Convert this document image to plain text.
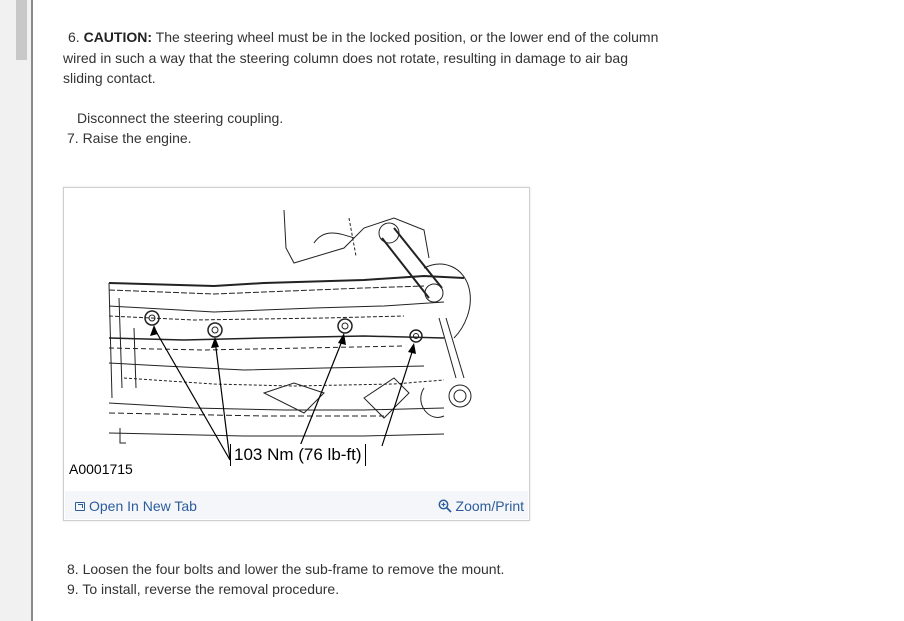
6. CAUTION: The steering wheel must be in the locked position, or the lower end of the column
wired in such a way that the steering column does not rotate, resulting in damage to air bag
sliding contact.
Disconnect the steering coupling.
7. Raise the engine.
8. Loosen the four bolts and lower the sub-frame to remove the mount.
9. To install, reverse the removal procedure.
A0001715
103 Nm (76 lb-ft)
Open In New Tab	Zoom/Print
